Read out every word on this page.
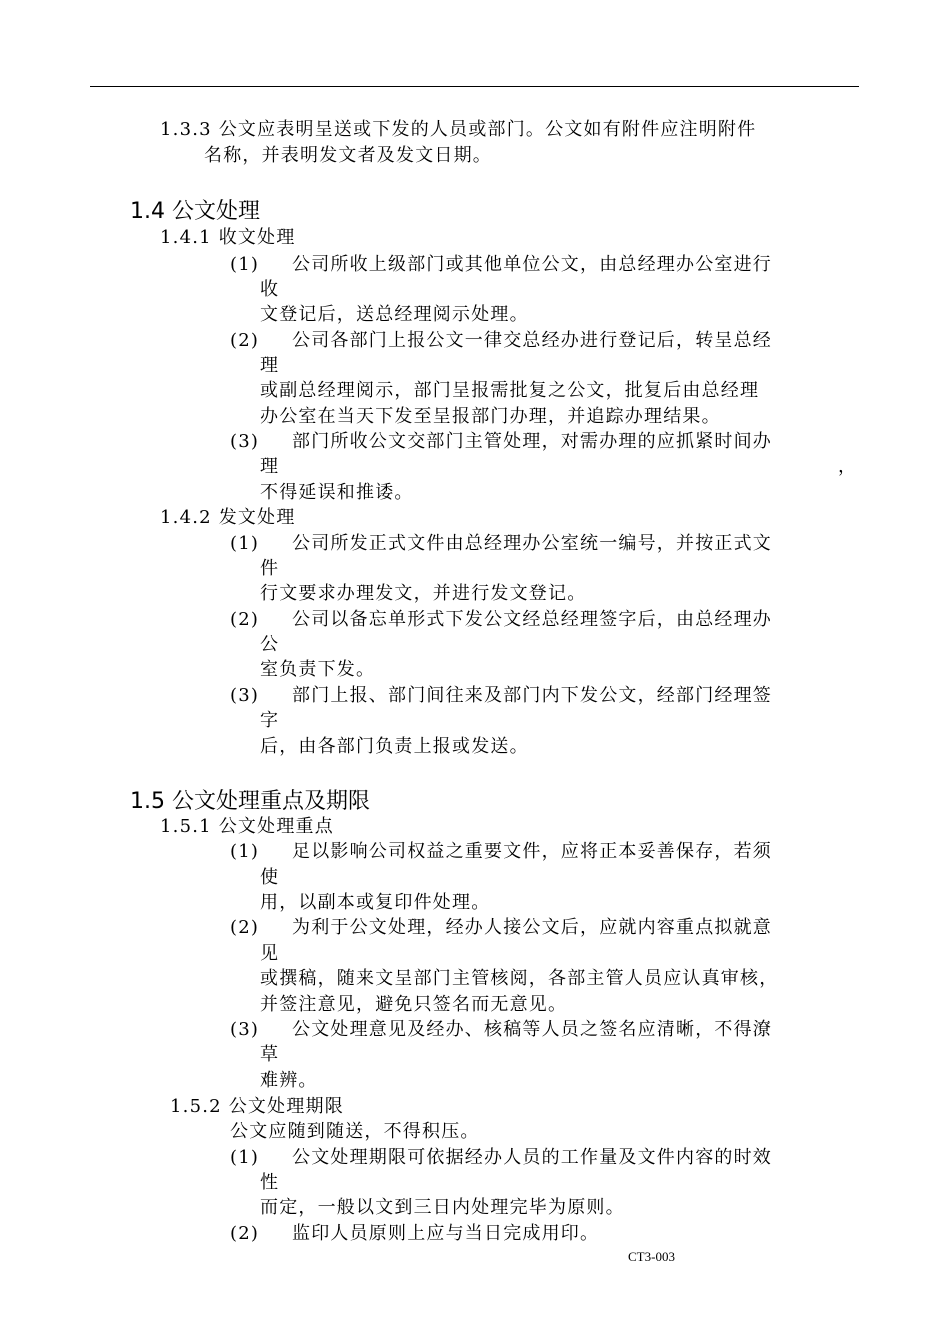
1.3.3 公文应表明呈送或下发的人员或部门。公文如有附件应注明附件
名称，并表明发文者及发文日期。
1.4 公文处理
1.4.1 收文处理
(1) 公司所收上级部门或其他单位公文，由总经理办公室进行
收
文登记后，送总经理阅示处理。
(2) 公司各部门上报公文一律交总经办进行登记后，转呈总经
理
或副总经理阅示，部门呈报需批复之公文，批复后由总经理
办公室在当天下发至呈报部门办理，并追踪办理结果。
(3) 部门所收公文交部门主管处理，对需办理的应抓紧时间办
理	，
不得延误和推诿。
1.4.2 发文处理
(1) 公司所发正式文件由总经理办公室统一编号，并按正式文
件
行文要求办理发文，并进行发文登记。
(2) 公司以备忘单形式下发公文经总经理签字后，由总经理办
公
室负责下发。
(3) 部门上报、部门间往来及部门内下发公文，经部门经理签
字
后，由各部门负责上报或发送。
1.5 公文处理重点及期限
1.5.1 公文处理重点
(1) 足以影响公司权益之重要文件，应将正本妥善保存，若须
使
用，以副本或复印件处理。
(2) 为利于公文处理，经办人接公文后，应就内容重点拟就意
见
或撰稿，随来文呈部门主管核阅，各部主管人员应认真审核，
并签注意见，避免只签名而无意见。
(3) 公文处理意见及经办、核稿等人员之签名应清晰，不得潦
草
难辨。
1.5.2 公文处理期限
公文应随到随送，不得积压。
(1) 公文处理期限可依据经办人员的工作量及文件内容的时效
性
而定，一般以文到三日内处理完毕为原则。
(2) 监印人员原则上应与当日完成用印。
CT3-003
